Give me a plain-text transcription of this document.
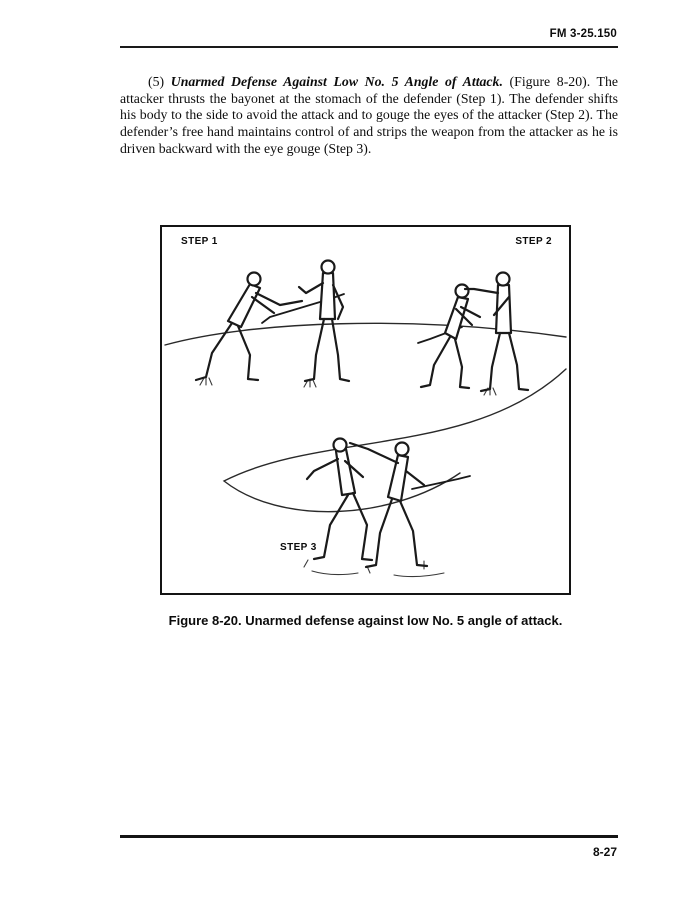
FM 3-25.150

(5) Unarmed Defense Against Low No. 5 Angle of Attack. (Figure 8-20). The attacker thrusts the bayonet at the stomach of the defender (Step 1). The defender shifts his body to the side to avoid the attack and to gouge the eyes of the attacker (Step 2). The defender’s free hand maintains control of and strips the weapon from the attacker as he is driven backward with the eye gouge (Step 3).

STEP 1	STEP 2
STEP 3
Figure 8-20. Unarmed defense against low No. 5 angle of attack.
8-27
